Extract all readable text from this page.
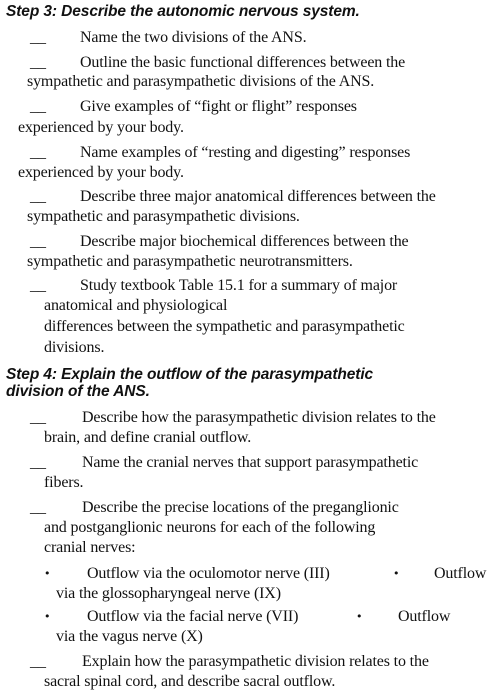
Step 3: Describe the autonomic nervous system.
__ Name the two divisions of the ANS.
__ Outline the basic functional differences between the
sympathetic and parasympathetic divisions of the ANS.
__ Give examples of “fight or flight” responses
experienced by your body.
__ Name examples of “resting and digesting” responses
experienced by your body.
__ Describe three major anatomical differences between the
sympathetic and parasympathetic divisions.
__ Describe major biochemical differences between the
sympathetic and parasympathetic neurotransmitters.
__ Study textbook Table 15.1 for a summary of major
anatomical and physiological
differences between the sympathetic and parasympathetic
divisions.
Step 4: Explain the outflow of the parasympathetic
division of the ANS.
__ Describe how the parasympathetic division relates to the
brain, and define cranial outflow.
__ Name the cranial nerves that support parasympathetic
fibers.
__ Describe the precise locations of the preganglionic
and postganglionic neurons for each of the following
cranial nerves:
• Outflow via the oculomotor nerve (III)	• Outflow
via the glossopharyngeal nerve (IX)
• Outflow via the facial nerve (VII)	• Outflow
via the vagus nerve (X)
__ Explain how the parasympathetic division relates to the
sacral spinal cord, and describe sacral outflow.
